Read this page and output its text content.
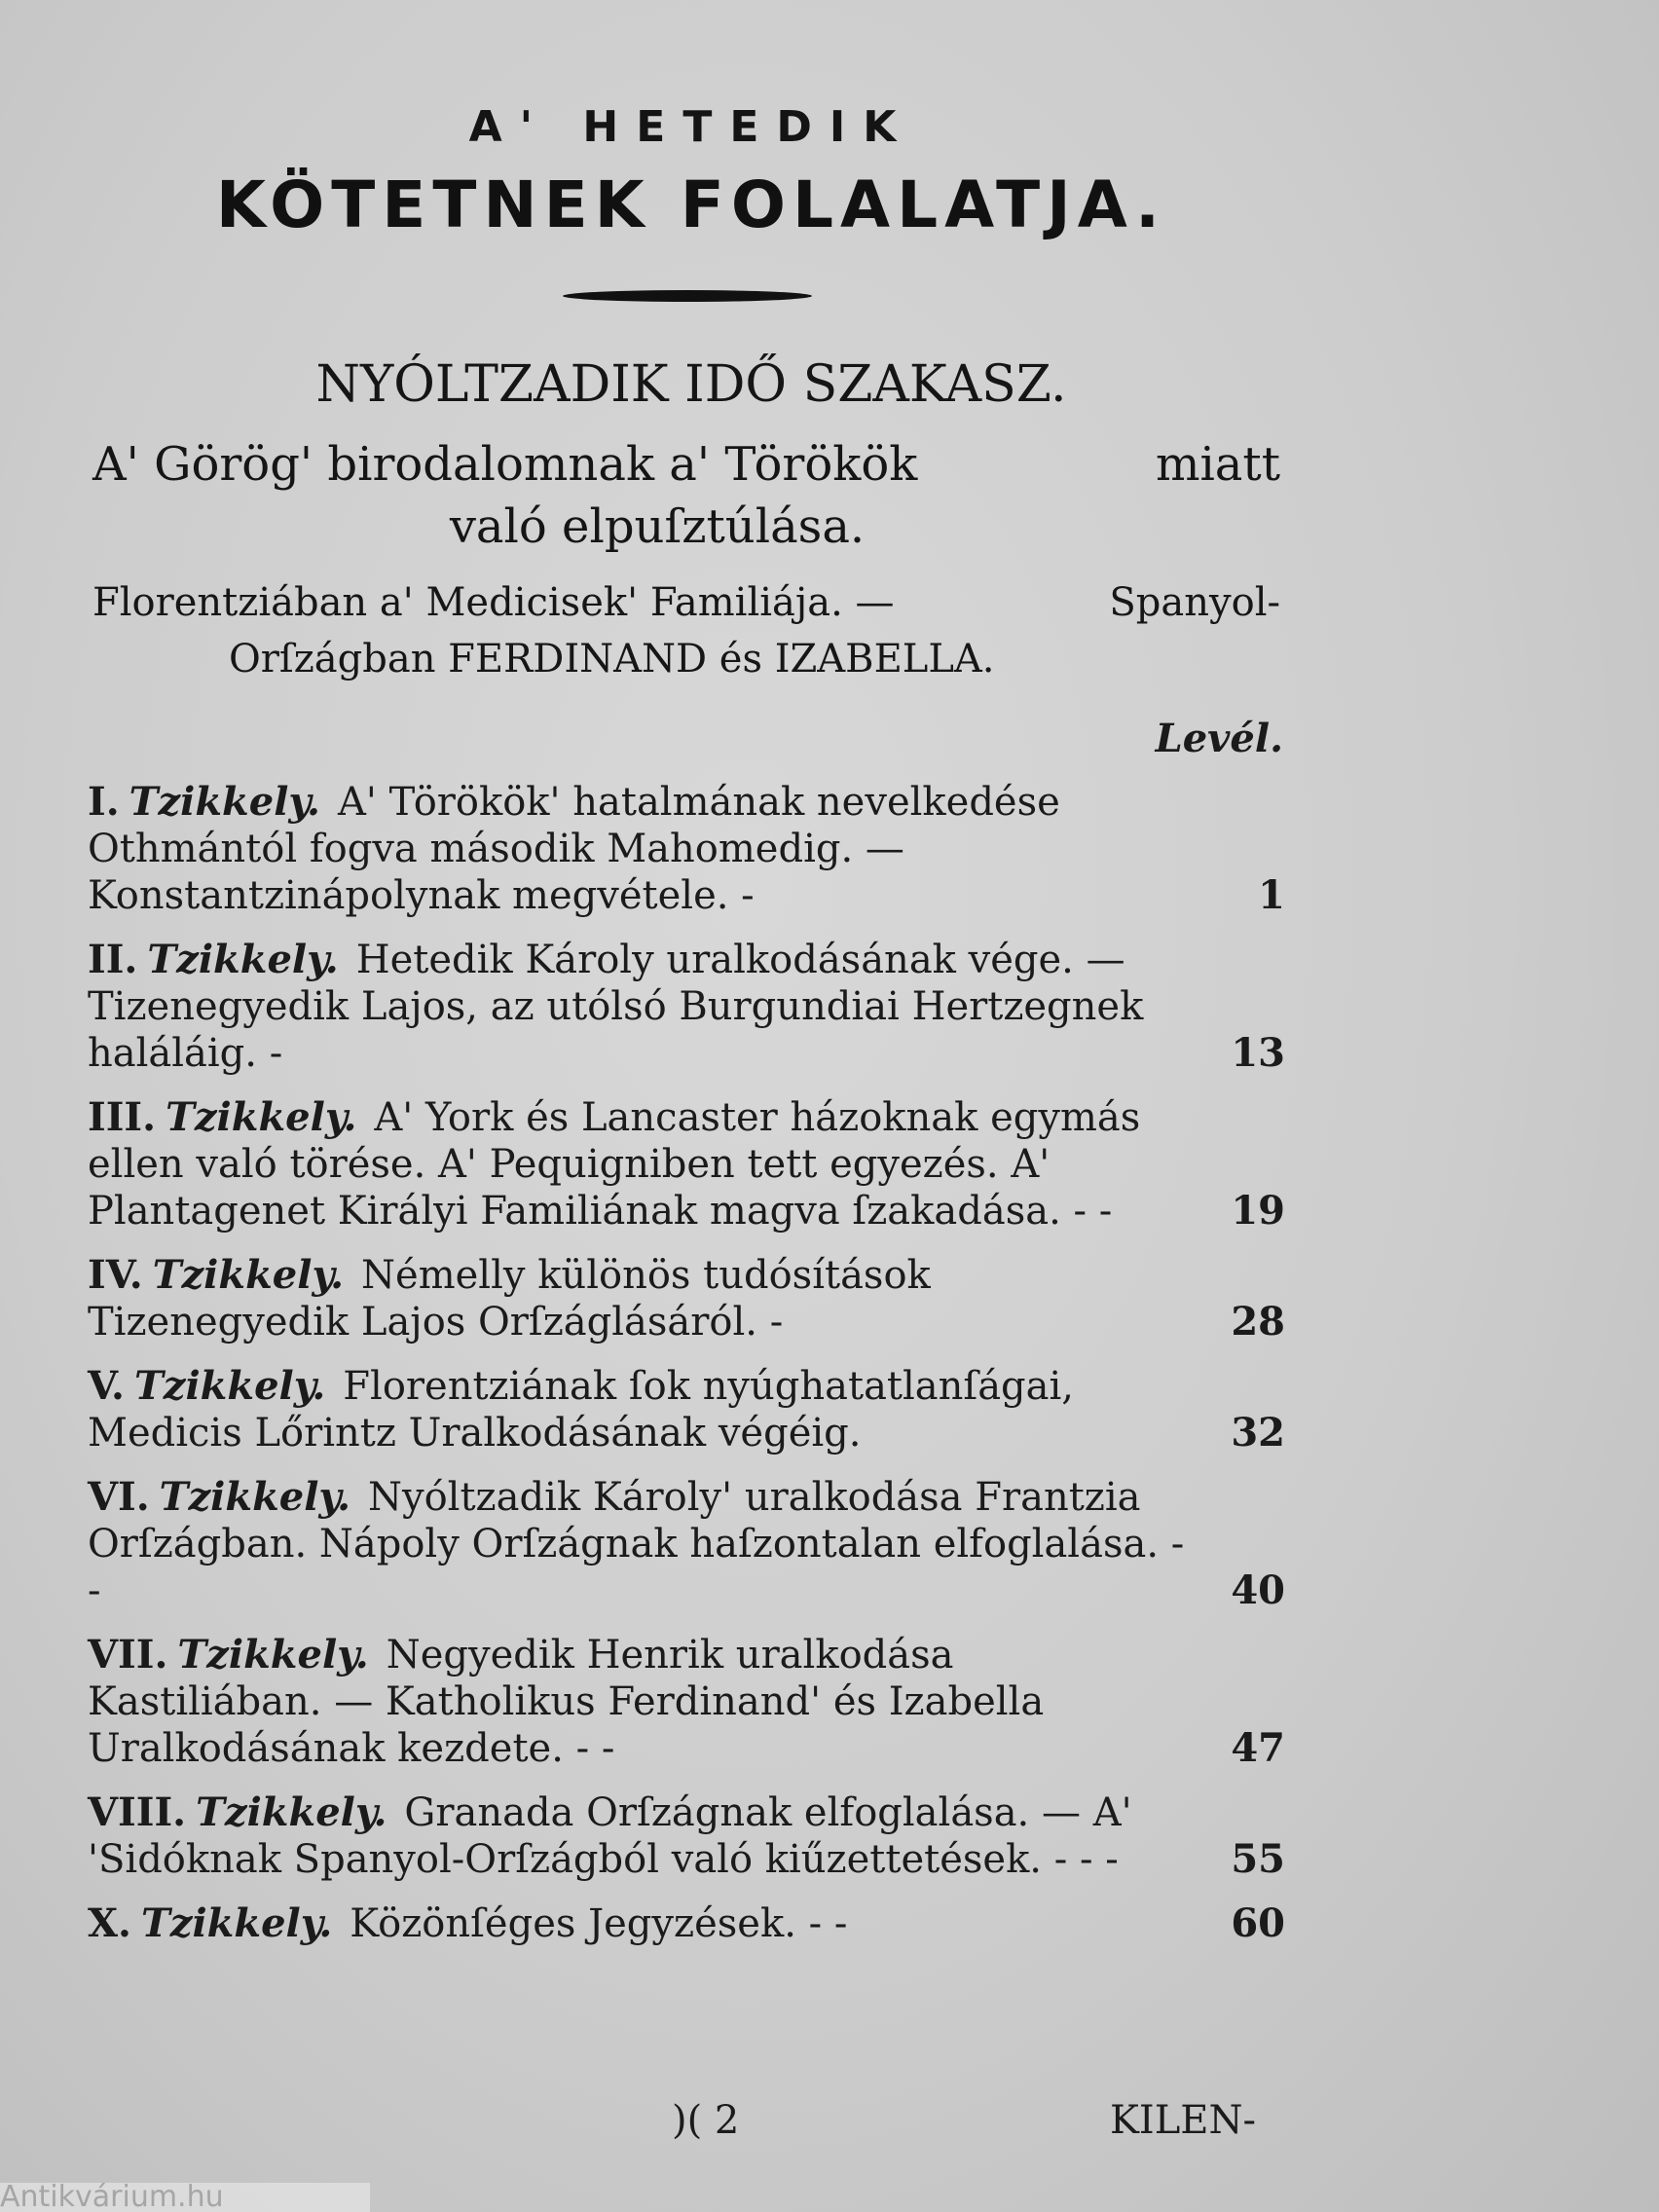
A' HETEDIK
KÖTETNEK FOLALATJA.
NYÓLTZADIK IDŐ SZAKASZ.
A' Görög' birodalomnak a' Törökök	miatt
való elpuſztúlása.
Florentziában a' Medicisek' Familiája. —	Spanyol-
Orſzágban FERDINAND és IZABELLA.
Levél.
I. Tzikkely. A' Törökök' hatalmának nevelkedése Othmántól fogva második Mahomedig. — Konstantzinápolynak megvétele. -	1
II. Tzikkely. Hetedik Károly uralkodásának vége. — Tizenegyedik Lajos, az utólsó Burgundiai Hertzegnek haláláig. -	13
III. Tzikkely. A' York és Lancaster házoknak egymás ellen való törése. A' Pequigniben tett egyezés. A' Plantagenet Királyi Familiának magva ſzakadása. - -	19
IV. Tzikkely. Némelly különös tudósítások Tizenegyedik Lajos Orſzáglásáról. -	28
V. Tzikkely. Florentziának ſok nyúghatatlanſágai, Medicis Lőrintz Uralkodásának végéig.	32
VI. Tzikkely. Nyóltzadik Károly' uralkodása Frantzia Orſzágban. Nápoly Orſzágnak haſzontalan elfoglalása. - -	40
VII. Tzikkely. Negyedik Henrik uralkodása Kastiliában. — Katholikus Ferdinand' és Izabella Uralkodásának kezdete. - -	47
VIII. Tzikkely. Granada Orſzágnak elfoglalása. — A' 'Sidóknak Spanyol-Orſzágból való kiűzettetések. - - -	55
X. Tzikkely. Közönſéges Jegyzések. - -	60
)( 2	KILEN-
Antikvárium.hu
